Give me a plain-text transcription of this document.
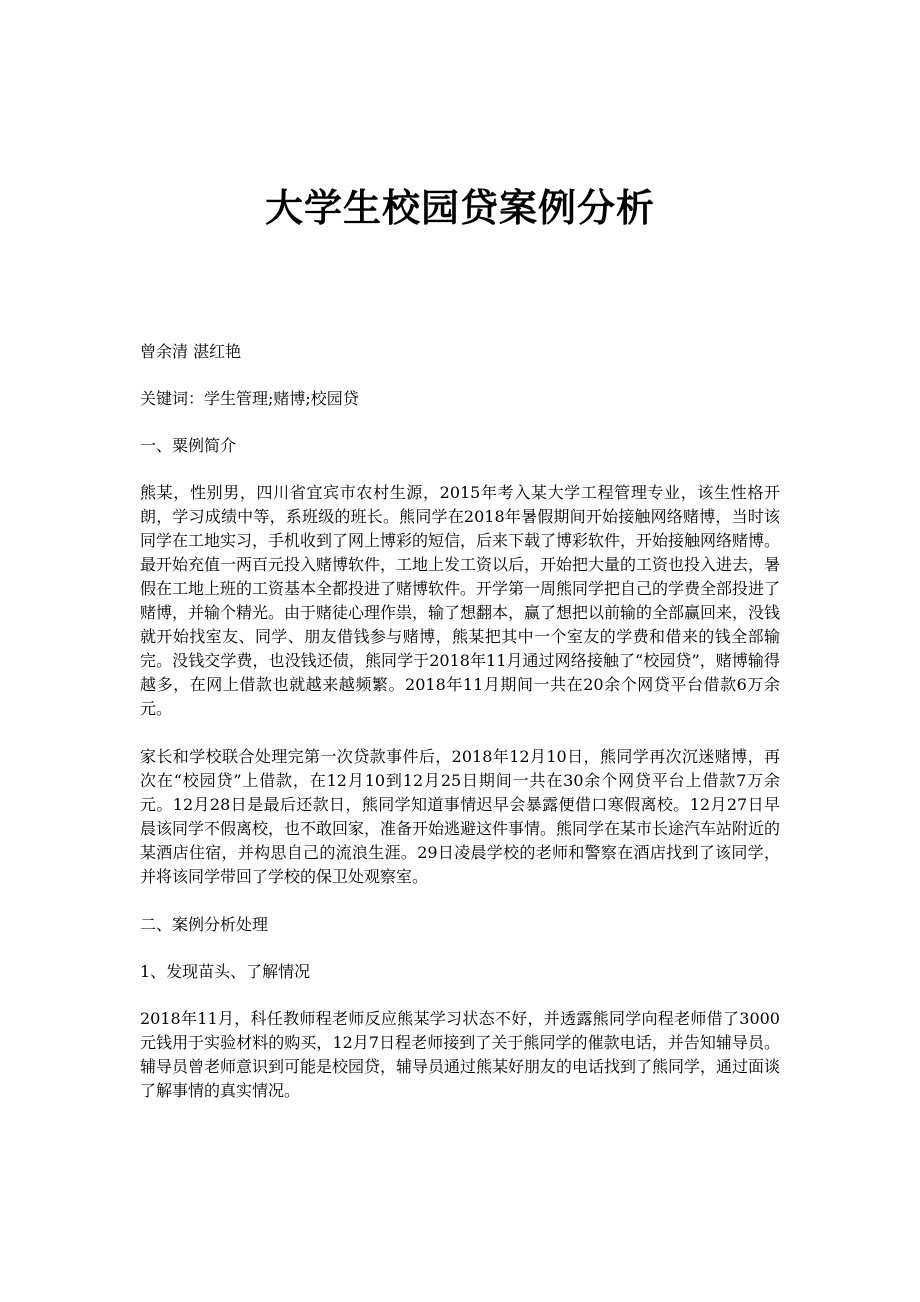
大学生校园贷案例分析

曾余清 湛红艳

关键词：学生管理;赌博;校园贷

一、粟例简介

熊某，性别男，四川省宜宾市农村生源，2015年考入某大学工程管理专业，该生性格开朗，学习成绩中等，系班级的班长。熊同学在2018年暑假期间开始接触网络赌博，当时该同学在工地实习，手机收到了网上博彩的短信，后来下载了博彩软件，开始接触网络赌博。最开始充值一两百元投入赌博软件，工地上发工资以后，开始把大量的工资也投入进去，暑假在工地上班的工资基本全都投进了赌博软件。开学第一周熊同学把自己的学费全部投进了赌博，并输个精光。由于赌徒心理作祟，输了想翻本，赢了想把以前输的全部赢回来，没钱就开始找室友、同学、朋友借钱参与赌博，熊某把其中一个室友的学费和借来的钱全部输完。没钱交学费，也没钱还债，熊同学于2018年11月通过网络接触了“校园贷”，赌博输得越多，在网上借款也就越来越频繁。2018年11月期间一共在20余个网贷平台借款6万余元。

家长和学校联合处理完第一次贷款事件后，2018年12月10日，熊同学再次沉迷赌博，再次在“校园贷”上借款，在12月10到12月25日期间一共在30余个网贷平台上借款7万余元。12月28日是最后还款日，熊同学知道事情迟早会暴露便借口寒假离校。12月27日早晨该同学不假离校，也不敢回家，准备开始逃避这件事情。熊同学在某市长途汽车站附近的某酒店住宿，并构思自己的流浪生涯。29日凌晨学校的老师和警察在酒店找到了该同学，并将该同学带回了学校的保卫处观察室。

二、案例分析处理

1、发现苗头、了解情况

2018年11月，科任教师程老师反应熊某学习状态不好，并透露熊同学向程老师借了3000元钱用于实验材料的购买，12月7日程老师接到了关于熊同学的催款电话，并告知辅导员。辅导员曾老师意识到可能是校园贷，辅导员通过熊某好朋友的电话找到了熊同学，通过面谈了解事情的真实情况。
